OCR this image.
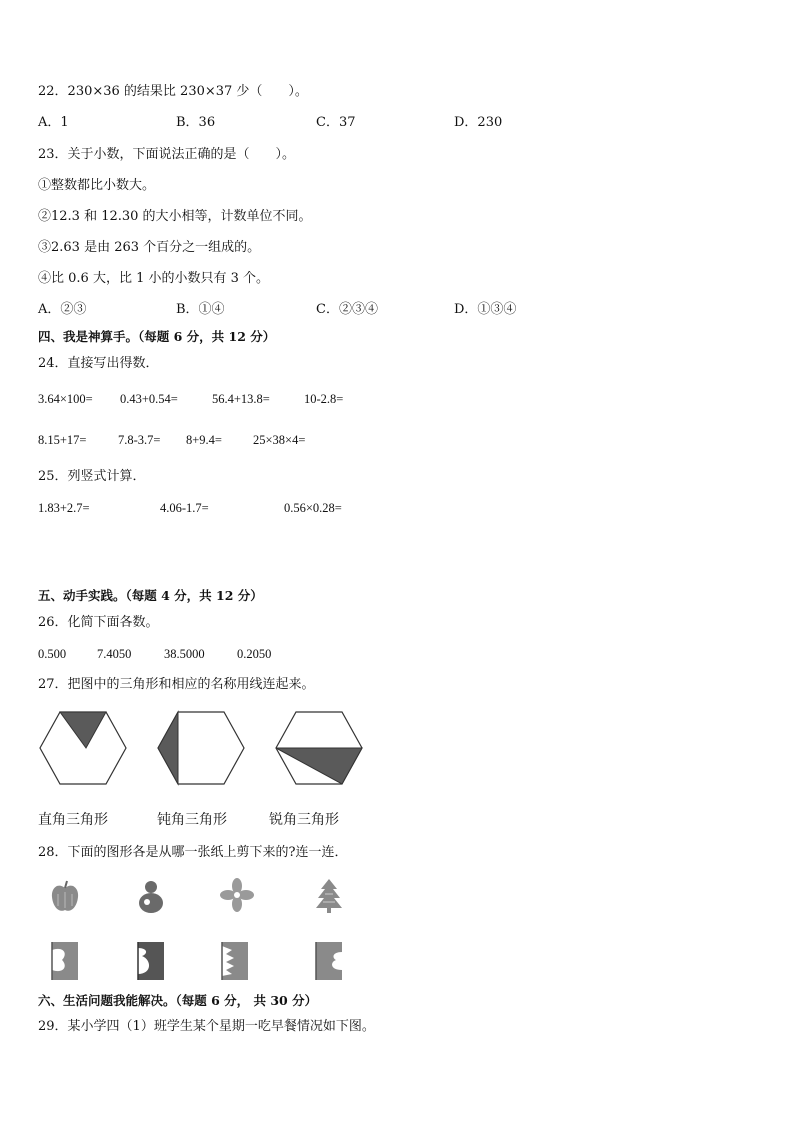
22．230×36 的结果比 230×37 少（　　）。
A．1	B．36	C．37	D．230
23．关于小数，下面说法正确的是（　　）。
①整数都比小数大。
②12.3 和 12.30 的大小相等，计数单位不同。
③2.63 是由 263 个百分之一组成的。
④比 0.6 大，比 1 小的小数只有 3 个。
A．②③	B．①④	C．②③④	D．①③④
四、我是神算手。（每题 6 分，共 12 分）
24．直接写出得数．
3.64×100= 0.43+0.54=	56.4+13.8=	10-2.8=
8.15+17=	7.8-3.7= 8+9.4= 25×38×4=
25．列竖式计算．
1.83+2.7=	4.06-1.7=	0.56×0.28=
五、动手实践。（每题 4 分，共 12 分）
26．化简下面各数。
0.500 7.4050	38.5000	0.2050
27．把图中的三角形和相应的名称用线连起来。
直角三角形	钝角三角形	锐角三角形
28．下面的图形各是从哪一张纸上剪下来的?连一连．
六、生活问题我能解决。（每题 6 分， 共 30 分）
29．某小学四（1）班学生某个星期一吃早餐情况如下图。
